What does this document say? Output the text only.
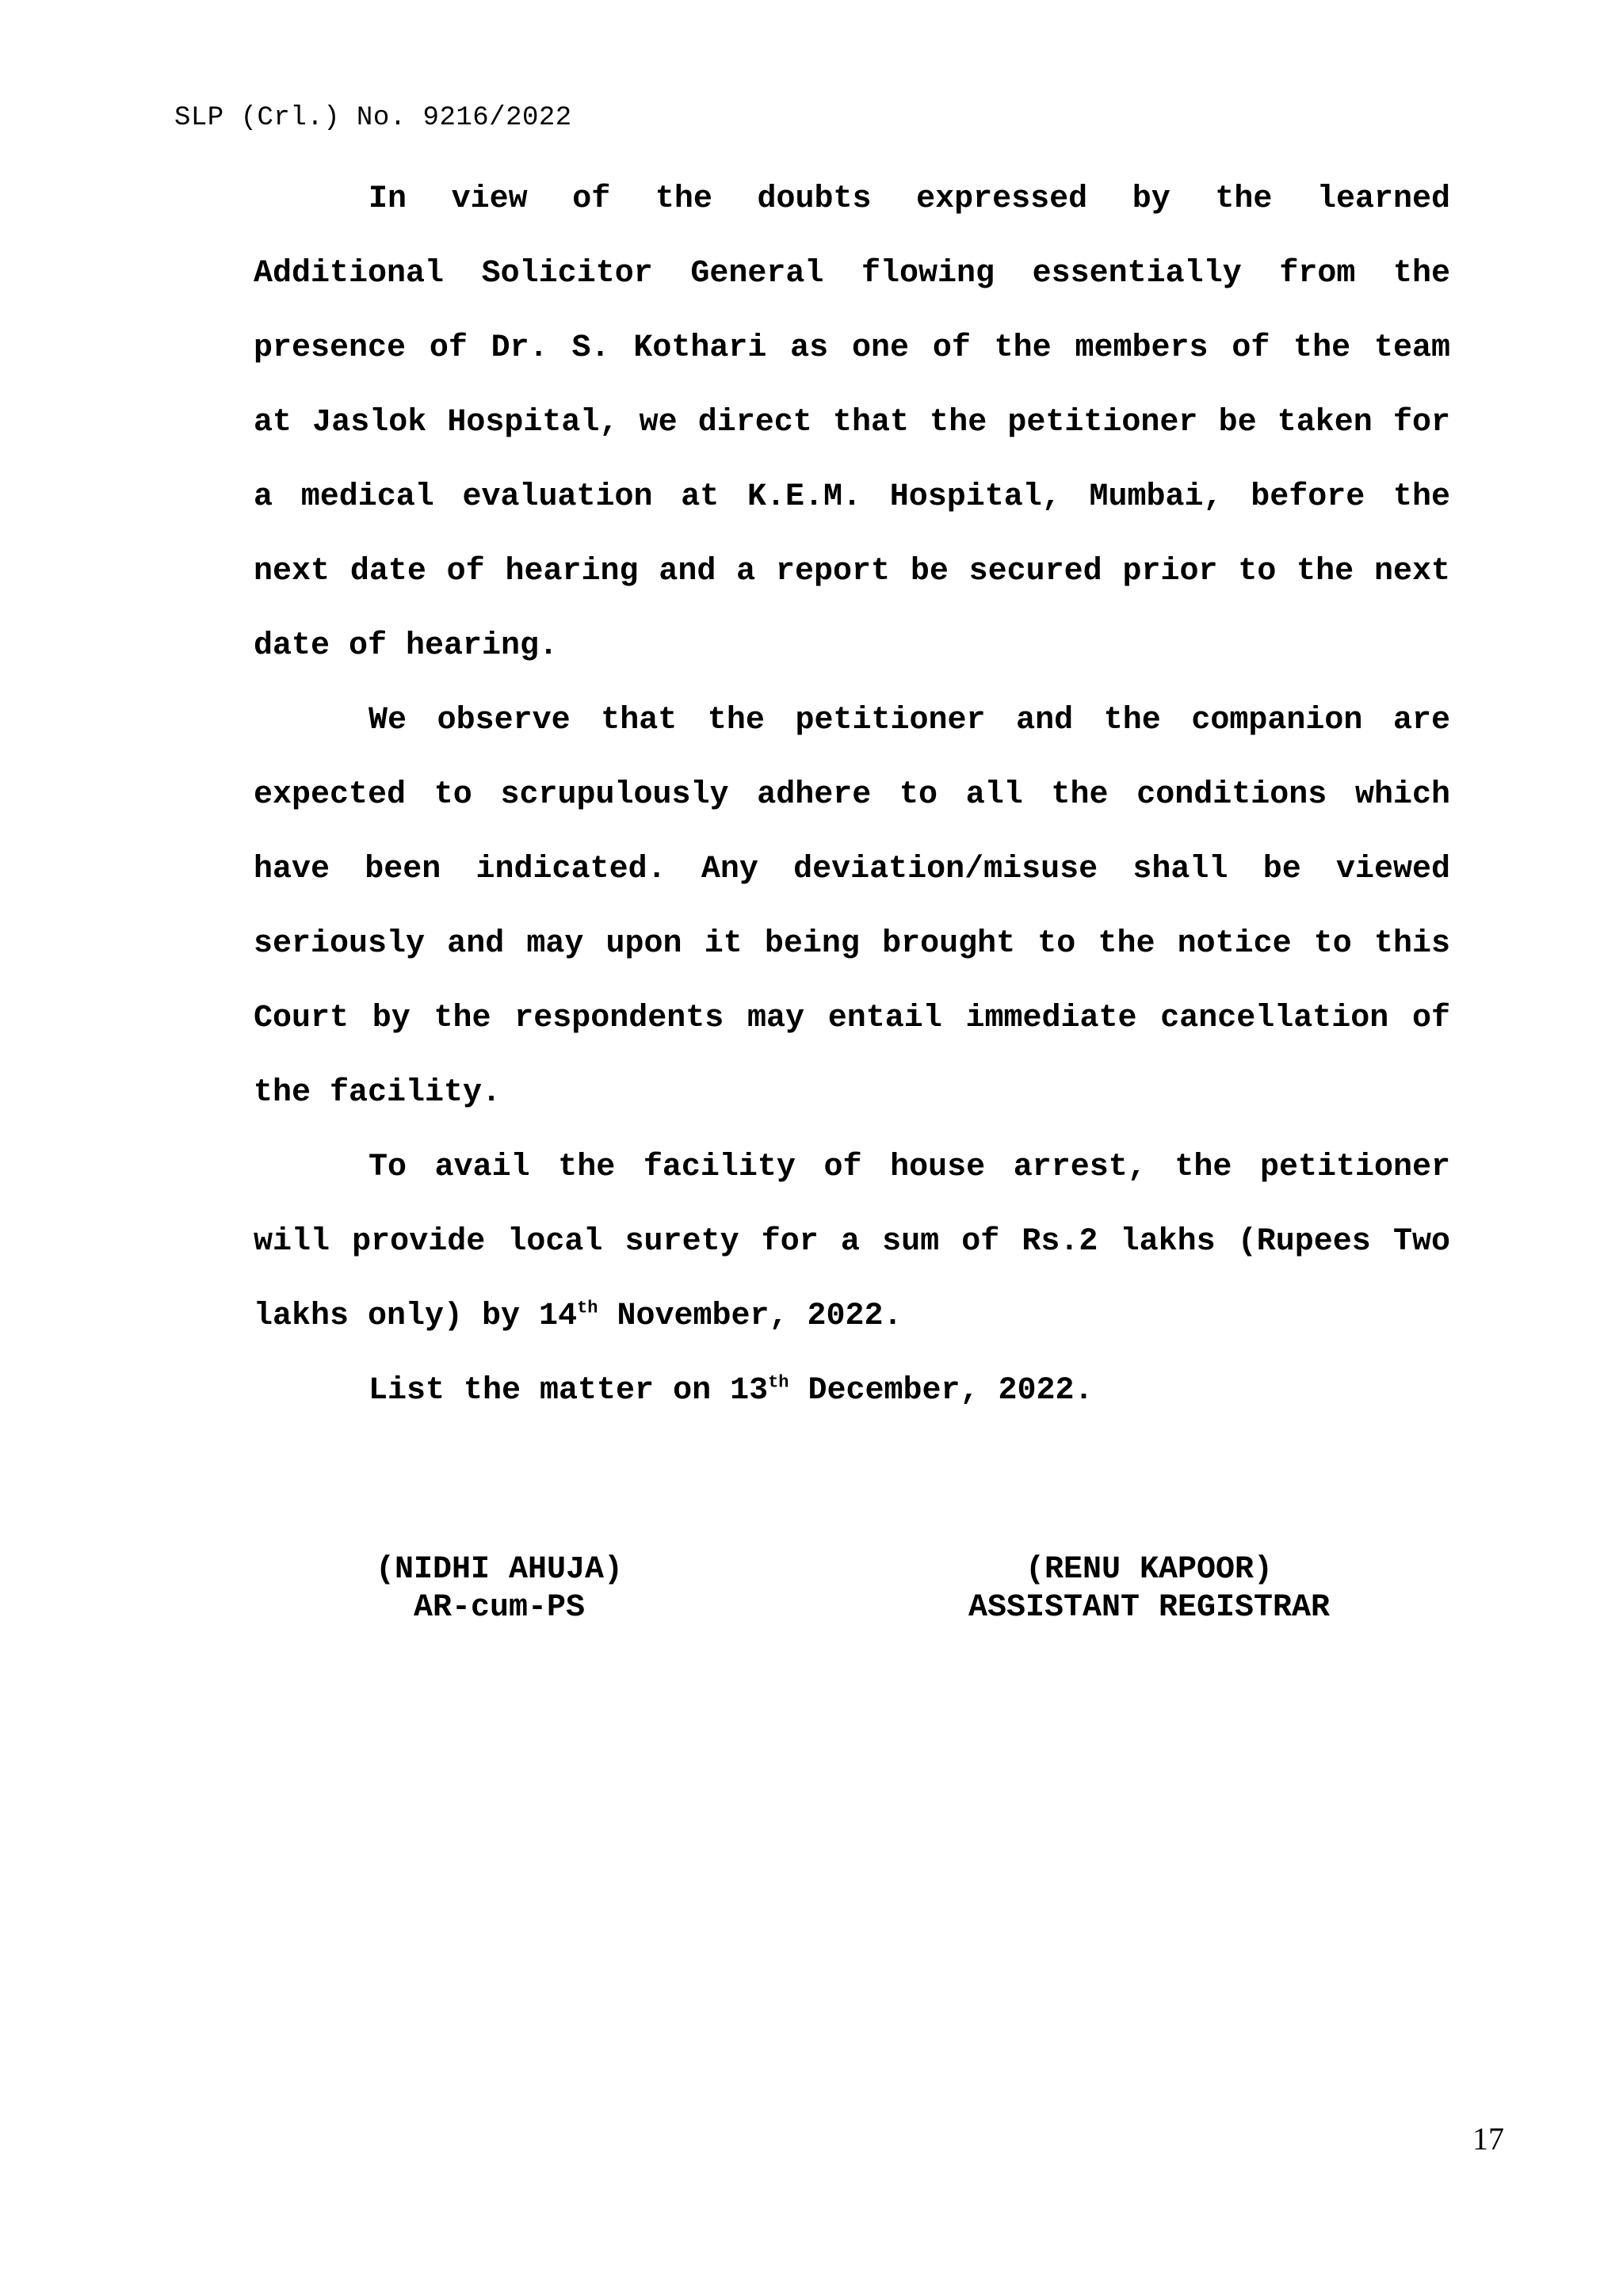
SLP (Crl.) No. 9216/2022

In view of the doubts expressed by the learned Additional Solicitor General flowing essentially from the presence of Dr. S. Kothari as one of the members of the team at Jaslok Hospital, we direct that the petitioner be taken for a medical evaluation at K.E.M. Hospital, Mumbai, before the next date of hearing and a report be secured prior to the next date of hearing.

We observe that the petitioner and the companion are expected to scrupulously adhere to all the conditions which have been indicated. Any deviation/misuse shall be viewed seriously and may upon it being brought to the notice to this Court by the respondents may entail immediate cancellation of the facility.

To avail the facility of house arrest, the petitioner will provide local surety for a sum of Rs.2 lakhs (Rupees Two lakhs only) by 14th November, 2022.

List the matter on 13th December, 2022.

(NIDHI AHUJA)
AR-cum-PS
(RENU KAPOOR)
ASSISTANT REGISTRAR
17
